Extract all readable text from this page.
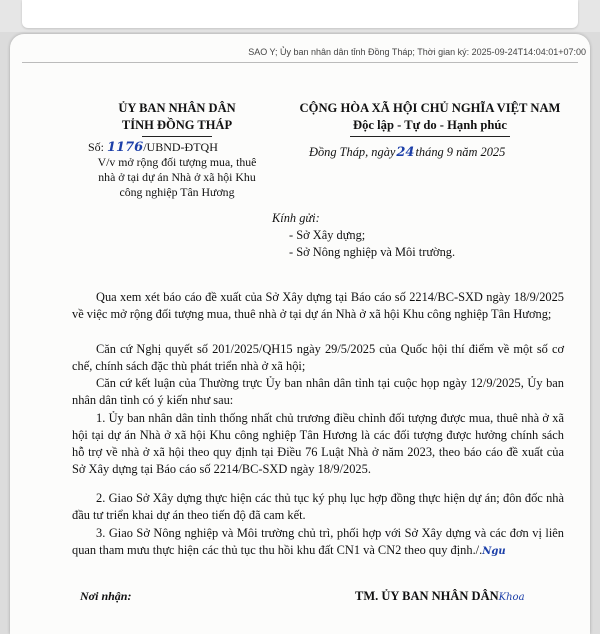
SAO Y; Ủy ban nhân dân tỉnh Đồng Tháp; Thời gian ký: 2025-09-24T14:04:01+07:00
ỦY BAN NHÂN DÂN
TỈNH ĐỒNG THÁP
Số: 1176/UBND-ĐTQH
V/v mở rộng đối tượng mua, thuê nhà ở tại dự án Nhà ở xã hội Khu công nghiệp Tân Hương
CỘNG HÒA XÃ HỘI CHỦ NGHĨA VIỆT NAM
Độc lập - Tự do - Hạnh phúc
Đồng Tháp, ngày24tháng 9 năm 2025
Kính gửi:
- Sở Xây dựng;
- Sở Nông nghiệp và Môi trường.
Qua xem xét báo cáo đề xuất của Sở Xây dựng tại Báo cáo số 2214/BC-SXD ngày 18/9/2025 về việc mở rộng đối tượng mua, thuê nhà ở tại dự án Nhà ở xã hội Khu công nghiệp Tân Hương;
Căn cứ Nghị quyết số 201/2025/QH15 ngày 29/5/2025 của Quốc hội thí điểm về một số cơ chế, chính sách đặc thù phát triển nhà ở xã hội;
Căn cứ kết luận của Thường trực Ủy ban nhân dân tỉnh tại cuộc họp ngày 12/9/2025, Ủy ban nhân dân tỉnh có ý kiến như sau:
1. Ủy ban nhân dân tỉnh thống nhất chủ trương điều chỉnh đối tượng được mua, thuê nhà ở xã hội tại dự án Nhà ở xã hội Khu công nghiệp Tân Hương là các đối tượng được hưởng chính sách hỗ trợ về nhà ở xã hội theo quy định tại Điều 76 Luật Nhà ở năm 2023, theo báo cáo đề xuất của Sở Xây dựng tại Báo cáo số 2214/BC-SXD ngày 18/9/2025.
2. Giao Sở Xây dựng thực hiện các thủ tục ký phụ lục hợp đồng thực hiện dự án; đôn đốc nhà đầu tư triển khai dự án theo tiến độ đã cam kết.
3. Giao Sở Nông nghiệp và Môi trường chủ trì, phối hợp với Sở Xây dựng và các đơn vị liên quan tham mưu thực hiện các thủ tục thu hồi khu đất CN1 và CN2 theo quy định./.Ngu
Nơi nhận:	TM. ỦY BAN NHÂN DÂNKhoa
